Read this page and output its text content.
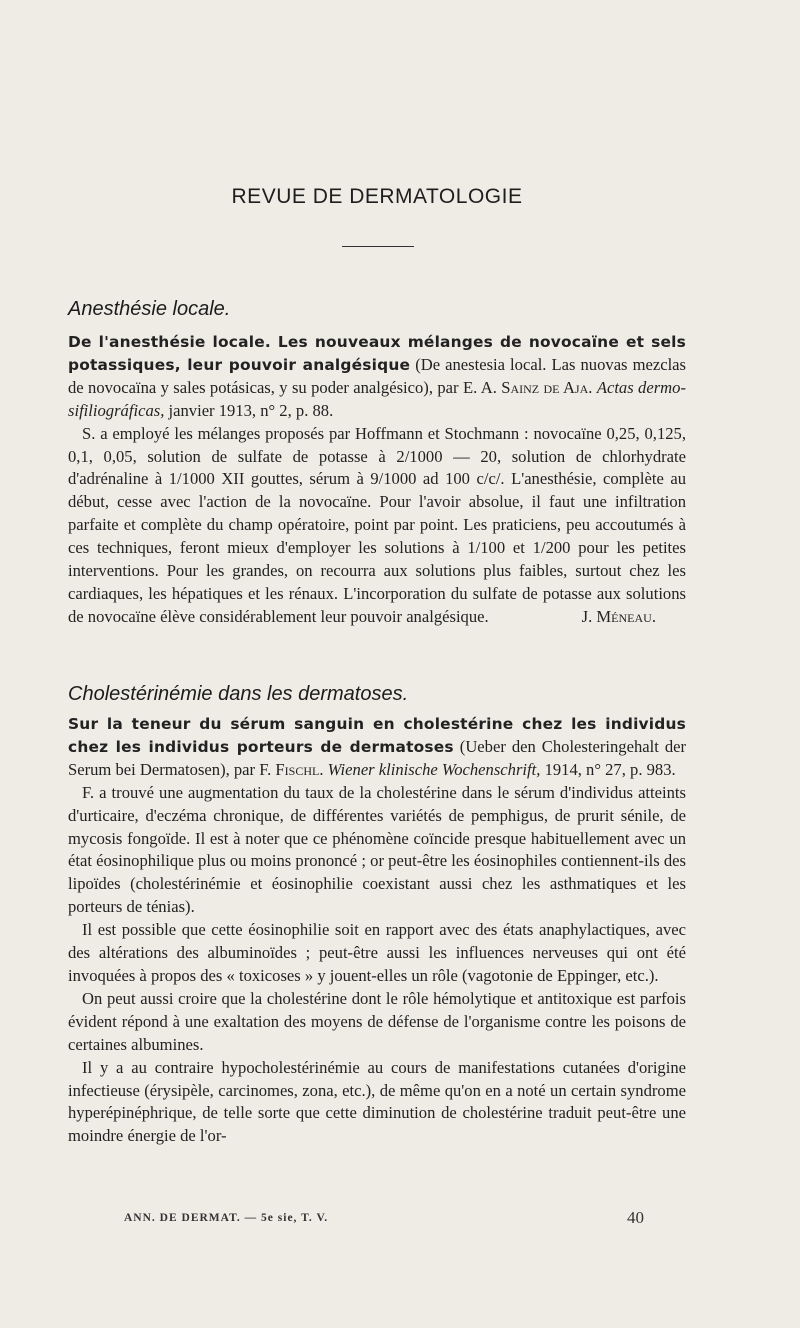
REVUE DE DERMATOLOGIE
Anesthésie locale.

De l'anesthésie locale. Les nouveaux mélanges de novocaïne et sels potassiques, leur pouvoir analgésique (De anestesia local. Las nuovas mezclas de novocaïna y sales potásicas, y su poder analgésico), par E. A. Sainz de Aja. Actas dermo-sifiliográficas, janvier 1913, n° 2, p. 88.

S. a employé les mélanges proposés par Hoffmann et Stochmann : novocaïne 0,25, 0,125, 0,1, 0,05, solution de sulfate de potasse à 2/1000 — 20, solution de chlorhydrate d'adrénaline à 1/1000 XII gouttes, sérum à 9/1000 ad 100 c/c/. L'anesthésie, complète au début, cesse avec l'action de la novocaïne. Pour l'avoir absolue, il faut une infiltration parfaite et complète du champ opératoire, point par point. Les praticiens, peu accoutumés à ces techniques, feront mieux d'employer les solutions à 1/100 et 1/200 pour les petites interventions. Pour les grandes, on recourra aux solutions plus faibles, surtout chez les cardiaques, les hépatiques et les rénaux. L'incorporation du sulfate de potasse aux solutions de novocaïne élève considérablement leur pouvoir analgésique.	J. Méneau.

Cholestérinémie dans les dermatoses.

Sur la teneur du sérum sanguin en cholestérine chez les individus chez les individus porteurs de dermatoses (Ueber den Cholesteringehalt der Serum bei Dermatosen), par F. Fischl. Wiener klinische Wochenschrift, 1914, n° 27, p. 983.

F. a trouvé une augmentation du taux de la cholestérine dans le sérum d'individus atteints d'urticaire, d'eczéma chronique, de différentes variétés de pemphigus, de prurit sénile, de mycosis fongoïde. Il est à noter que ce phénomène coïncide presque habituellement avec un état éosinophilique plus ou moins prononcé ; or peut-être les éosinophiles contiennent-ils des lipoïdes (cholestérinémie et éosinophilie coexistant aussi chez les asthmatiques et les porteurs de ténias).

Il est possible que cette éosinophilie soit en rapport avec des états anaphylactiques, avec des altérations des albuminoïdes ; peut-être aussi les influences nerveuses qui ont été invoquées à propos des « toxicoses » y jouent-elles un rôle (vagotonie de Eppinger, etc.).

On peut aussi croire que la cholestérine dont le rôle hémolytique et antitoxique est parfois évident répond à une exaltation des moyens de défense de l'organisme contre les poisons de certaines albumines.

Il y a au contraire hypocholestérinémie au cours de manifestations cutanées d'origine infectieuse (érysipèle, carcinomes, zona, etc.), de même qu'on en a noté un certain syndrome hyperépinéphrique, de telle sorte que cette diminution de cholestérine traduit peut-être une moindre énergie de l'or-

ANN. DE DERMAT. — 5e sie, T. V.	40
